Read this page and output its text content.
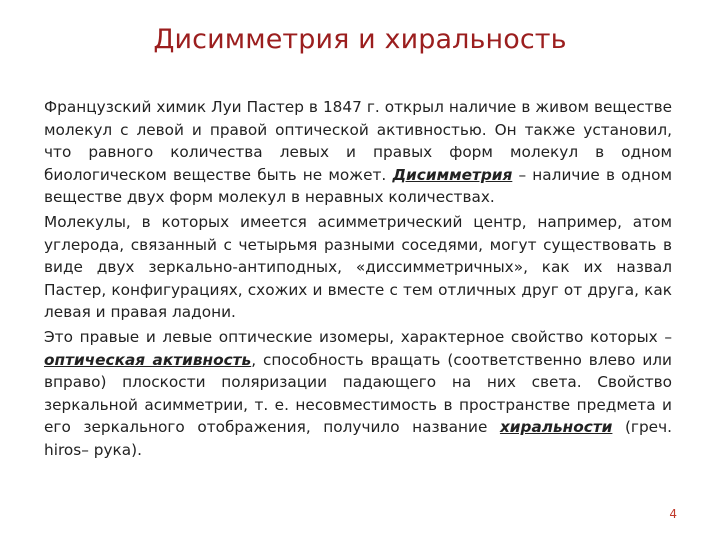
Дисимметрия и хиральность

Французский химик Луи Пастер в 1847 г. открыл наличие в живом веществе молекул с левой и правой оптической активностью. Он также установил, что равного количества левых и правых форм молекул в одном биологическом веществе быть не может. Дисимметрия – наличие в одном веществе двух форм молекул в неравных количествах.

Молекулы, в которых имеется асимметрический центр, например, атом углерода, связанный с четырьмя разными соседями, могут существовать в виде двух зеркально-антиподных, «диссимметричных», как их назвал Пастер, конфигурациях, схожих и вместе с тем отличных друг от друга, как левая и правая ладони.

Это правые и левые оптические изомеры, характерное свойство которых – оптическая активность, способность вращать (соответственно влево или вправо) плоскости поляризации падающего на них света. Свойство зеркальной асимметрии, т. е. несовместимость в пространстве предмета и его зеркального отображения, получило название хиральности (греч. hiros– рука).

4
